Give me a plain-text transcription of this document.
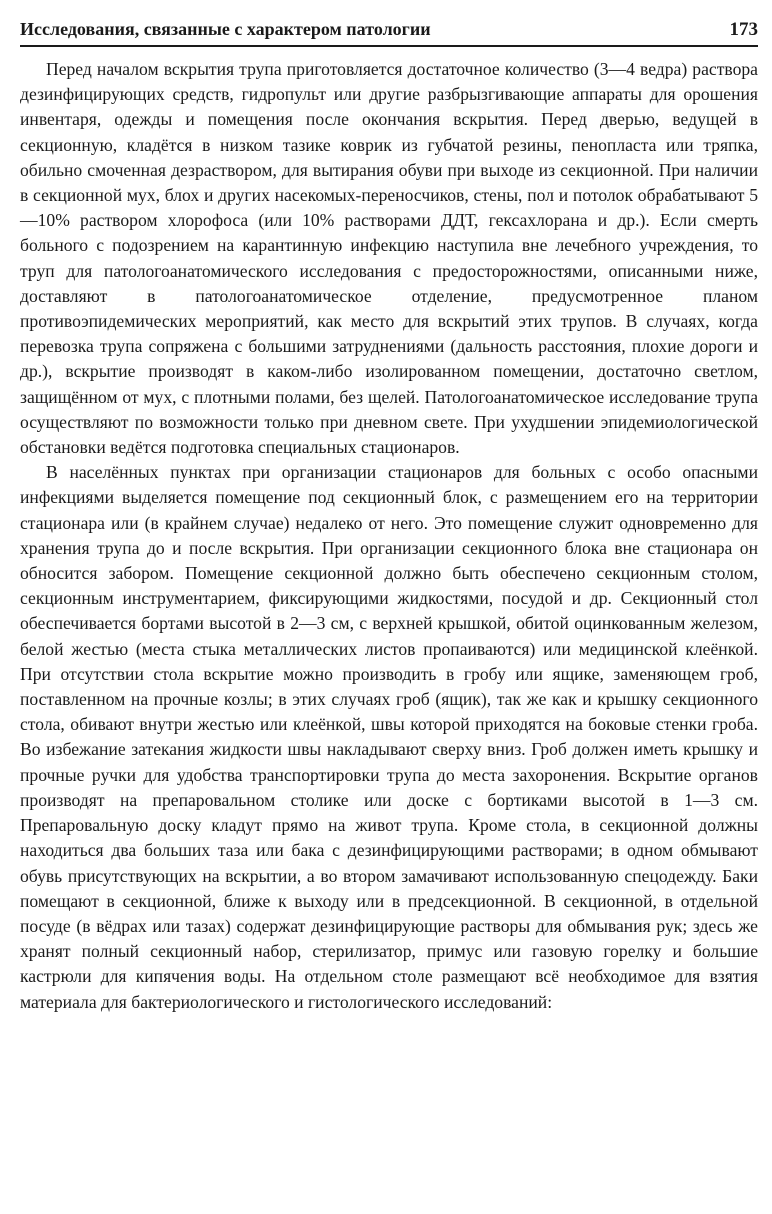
Исследования, связанные с характером патологии	173

Перед началом вскрытия трупа приготовляется достаточное количество (3—4 ведра) раствора дезинфицирующих средств, гидропульт или другие разбрызгивающие аппараты для орошения инвентаря, одежды и помещения после окончания вскрытия. Перед дверью, ведущей в секционную, кладётся в низком тазике коврик из губчатой резины, пенопласта или тряпка, обильно смоченная дезраствором, для вытирания обуви при выходе из секционной. При наличии в секционной мух, блох и других насекомых-переносчиков, стены, пол и потолок обрабатывают 5—10% раствором хлорофоса (или 10% растворами ДДТ, гексахлорана и др.). Если смерть больного с подозрением на карантинную инфекцию наступила вне лечебного учреждения, то труп для патологоанатомического исследования с предосторожностями, описанными ниже, доставляют в патологоанатомическое отделение, предусмотренное планом противоэпидемических мероприятий, как место для вскрытий этих трупов. В случаях, когда перевозка трупа сопряжена с большими затруднениями (дальность расстояния, плохие дороги и др.), вскрытие производят в каком-либо изолированном помещении, достаточно светлом, защищённом от мух, с плотными полами, без щелей. Патологоанатомическое исследование трупа осуществляют по возможности только при дневном свете. При ухудшении эпидемиологической обстановки ведётся подготовка специальных стационаров.

В населённых пунктах при организации стационаров для больных с особо опасными инфекциями выделяется помещение под секционный блок, с размещением его на территории стационара или (в крайнем случае) недалеко от него. Это помещение служит одновременно для хранения трупа до и после вскрытия. При организации секционного блока вне стационара он обносится забором. Помещение секционной должно быть обеспечено секционным столом, секционным инструментарием, фиксирующими жидкостями, посудой и др. Секционный стол обеспечивается бортами высотой в 2—3 см, с верхней крышкой, обитой оцинкованным железом, белой жестью (места стыка металлических листов пропаиваются) или медицинской клеёнкой. При отсутствии стола вскрытие можно производить в гробу или ящике, заменяющем гроб, поставленном на прочные козлы; в этих случаях гроб (ящик), так же как и крышку секционного стола, обивают внутри жестью или клеёнкой, швы которой приходятся на боковые стенки гроба. Во избежание затекания жидкости швы накладывают сверху вниз. Гроб должен иметь крышку и прочные ручки для удобства транспортировки трупа до места захоронения. Вскрытие органов производят на препаровальном столике или доске с бортиками высотой в 1—3 см. Препаровальную доску кладут прямо на живот трупа. Кроме стола, в секционной должны находиться два больших таза или бака с дезинфицирующими растворами; в одном обмывают обувь присутствующих на вскрытии, а во втором замачивают использованную спецодежду. Баки помещают в секционной, ближе к выходу или в предсекционной. В секционной, в отдельной посуде (в вёдрах или тазах) содержат дезинфицирующие растворы для обмывания рук; здесь же хранят полный секционный набор, стерилизатор, примус или газовую горелку и большие кастрюли для кипячения воды. На отдельном столе размещают всё необходимое для взятия материала для бактериологического и гистологического исследований:
